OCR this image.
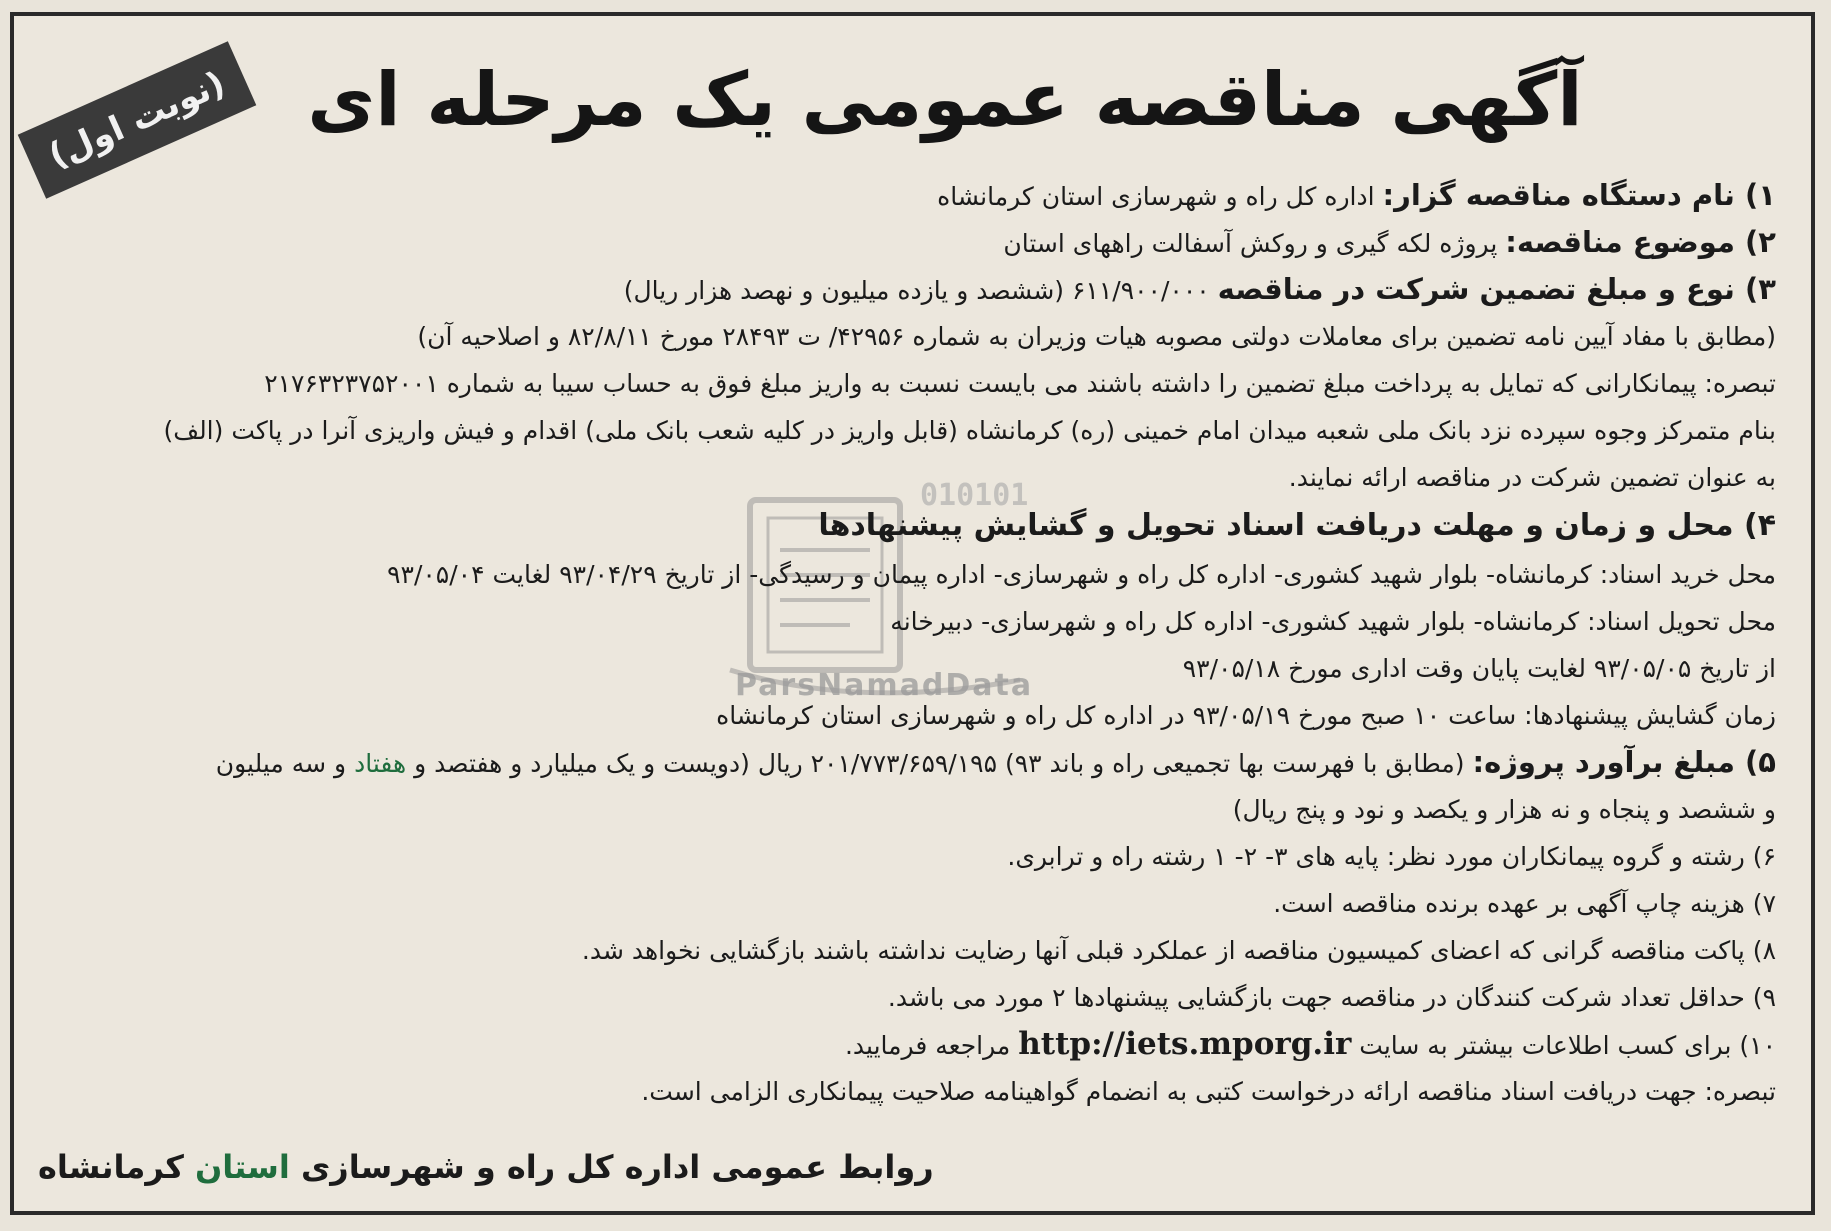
010101
ParsNamadData
(نوبت اول)	آگهی مناقصه عمومی یک مرحله ای
۱) نام دستگاه مناقصه گزار: اداره کل راه و شهرسازی استان کرمانشاه
۲) موضوع مناقصه: پروژه لکه گیری و روکش آسفالت راههای استان
۳) نوع و مبلغ تضمین شرکت در مناقصه ۶۱۱/۹۰۰/۰۰۰ (ششصد و یازده میلیون و نهصد هزار ریال)
(مطابق با مفاد آیین نامه تضمین برای معاملات دولتی مصوبه هیات وزیران به شماره ۴۲۹۵۶/ ت ۲۸۴۹۳ مورخ ۸۲/۸/۱۱ و اصلاحیه آن)
تبصره: پیمانکارانی که تمایل به پرداخت مبلغ تضمین را داشته باشند می بایست نسبت به واریز مبلغ فوق به حساب سیبا به شماره ۲۱۷۶۳۲۳۷۵۲۰۰۱
بنام متمرکز وجوه سپرده نزد بانک ملی شعبه میدان امام خمینی (ره) کرمانشاه (قابل واریز در کلیه شعب بانک ملی) اقدام و فیش واریزی آنرا در پاکت (الف)
به عنوان تضمین شرکت در مناقصه ارائه نمایند.
۴) محل و زمان و مهلت دریافت اسناد تحویل و گشایش پیشنهادها
محل خرید اسناد: کرمانشاه- بلوار شهید کشوری- اداره کل راه و شهرسازی- اداره پیمان و رسیدگی- از تاریخ ۹۳/۰۴/۲۹ لغایت ۹۳/۰۵/۰۴
محل تحویل اسناد: کرمانشاه- بلوار شهید کشوری- اداره کل راه و شهرسازی- دبیرخانه
از تاریخ ۹۳/۰۵/۰۵ لغایت پایان وقت اداری مورخ ۹۳/۰۵/۱۸
زمان گشایش پیشنهادها: ساعت ۱۰ صبح مورخ ۹۳/۰۵/۱۹ در اداره کل راه و شهرسازی استان کرمانشاه
۵) مبلغ برآورد پروژه: (مطابق با فهرست بها تجمیعی راه و باند ۹۳) ۲۰۱/۷۷۳/۶۵۹/۱۹۵ ریال (دویست و یک میلیارد و هفتصد و هفتاد و سه میلیون
و ششصد و پنجاه و نه هزار و یکصد و نود و پنج ریال)
۶) رشته و گروه پیمانکاران مورد نظر: پایه های ۳- ۲- ۱ رشته راه و ترابری.
۷) هزینه چاپ آگهی بر عهده برنده مناقصه است.
۸) پاکت مناقصه گرانی که اعضای کمیسیون مناقصه از عملکرد قبلی آنها رضایت نداشته باشند بازگشایی نخواهد شد.
۹) حداقل تعداد شرکت کنندگان در مناقصه جهت بازگشایی پیشنهادها ۲ مورد می باشد.
۱۰) برای کسب اطلاعات بیشتر به سایت http://iets.mporg.ir مراجعه فرمایید.
تبصره: جهت دریافت اسناد مناقصه ارائه درخواست کتبی به انضمام گواهینامه صلاحیت پیمانکاری الزامی است.
روابط عمومی اداره کل راه و شهرسازی استان کرمانشاه
